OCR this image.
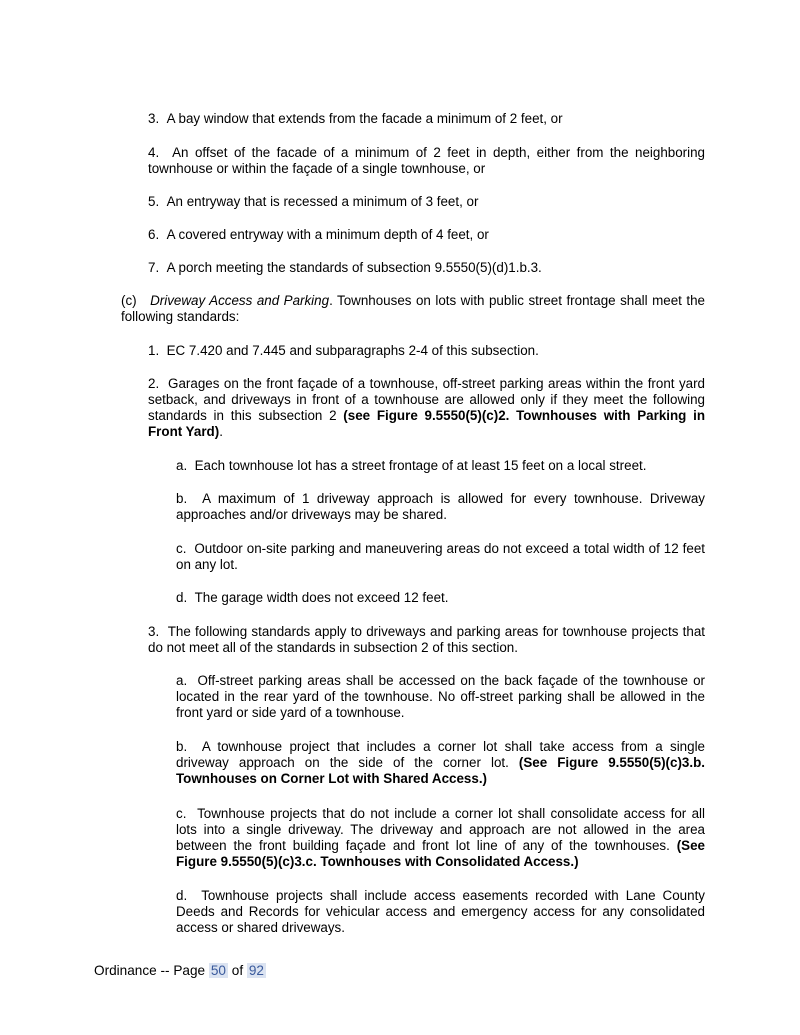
3.  A bay window that extends from the facade a minimum of 2 feet, or

4.  An offset of the facade of a minimum of 2 feet in depth, either from the neighboring townhouse or within the façade of a single townhouse, or

5.  An entryway that is recessed a minimum of 3 feet, or

6.  A covered entryway with a minimum depth of 4 feet, or

7.  A porch meeting the standards of subsection 9.5550(5)(d)1.b.3.

(c) Driveway Access and Parking. Townhouses on lots with public street frontage shall meet the following standards:

1.  EC 7.420 and 7.445 and subparagraphs 2-4 of this subsection.

2.  Garages on the front façade of a townhouse, off-street parking areas within the front yard setback, and driveways in front of a townhouse are allowed only if they meet the following standards in this subsection 2 (see Figure 9.5550(5)(c)2. Townhouses with Parking in Front Yard).

a.  Each townhouse lot has a street frontage of at least 15 feet on a local street.

b.  A maximum of 1 driveway approach is allowed for every townhouse. Driveway approaches and/or driveways may be shared.

c.  Outdoor on-site parking and maneuvering areas do not exceed a total width of 12 feet on any lot.

d.  The garage width does not exceed 12 feet.

3.  The following standards apply to driveways and parking areas for townhouse projects that do not meet all of the standards in subsection 2 of this section.

a.  Off-street parking areas shall be accessed on the back façade of the townhouse or located in the rear yard of the townhouse. No off-street parking shall be allowed in the front yard or side yard of a townhouse.

b.  A townhouse project that includes a corner lot shall take access from a single driveway approach on the side of the corner lot. (See Figure 9.5550(5)(c)3.b. Townhouses on Corner Lot with Shared Access.)

c.  Townhouse projects that do not include a corner lot shall consolidate access for all lots into a single driveway. The driveway and approach are not allowed in the area between the front building façade and front lot line of any of the townhouses. (See Figure 9.5550(5)(c)3.c. Townhouses with Consolidated Access.)

d.  Townhouse projects shall include access easements recorded with Lane County Deeds and Records for vehicular access and emergency access for any consolidated access or shared driveways.

Ordinance -- Page 50 of 92
